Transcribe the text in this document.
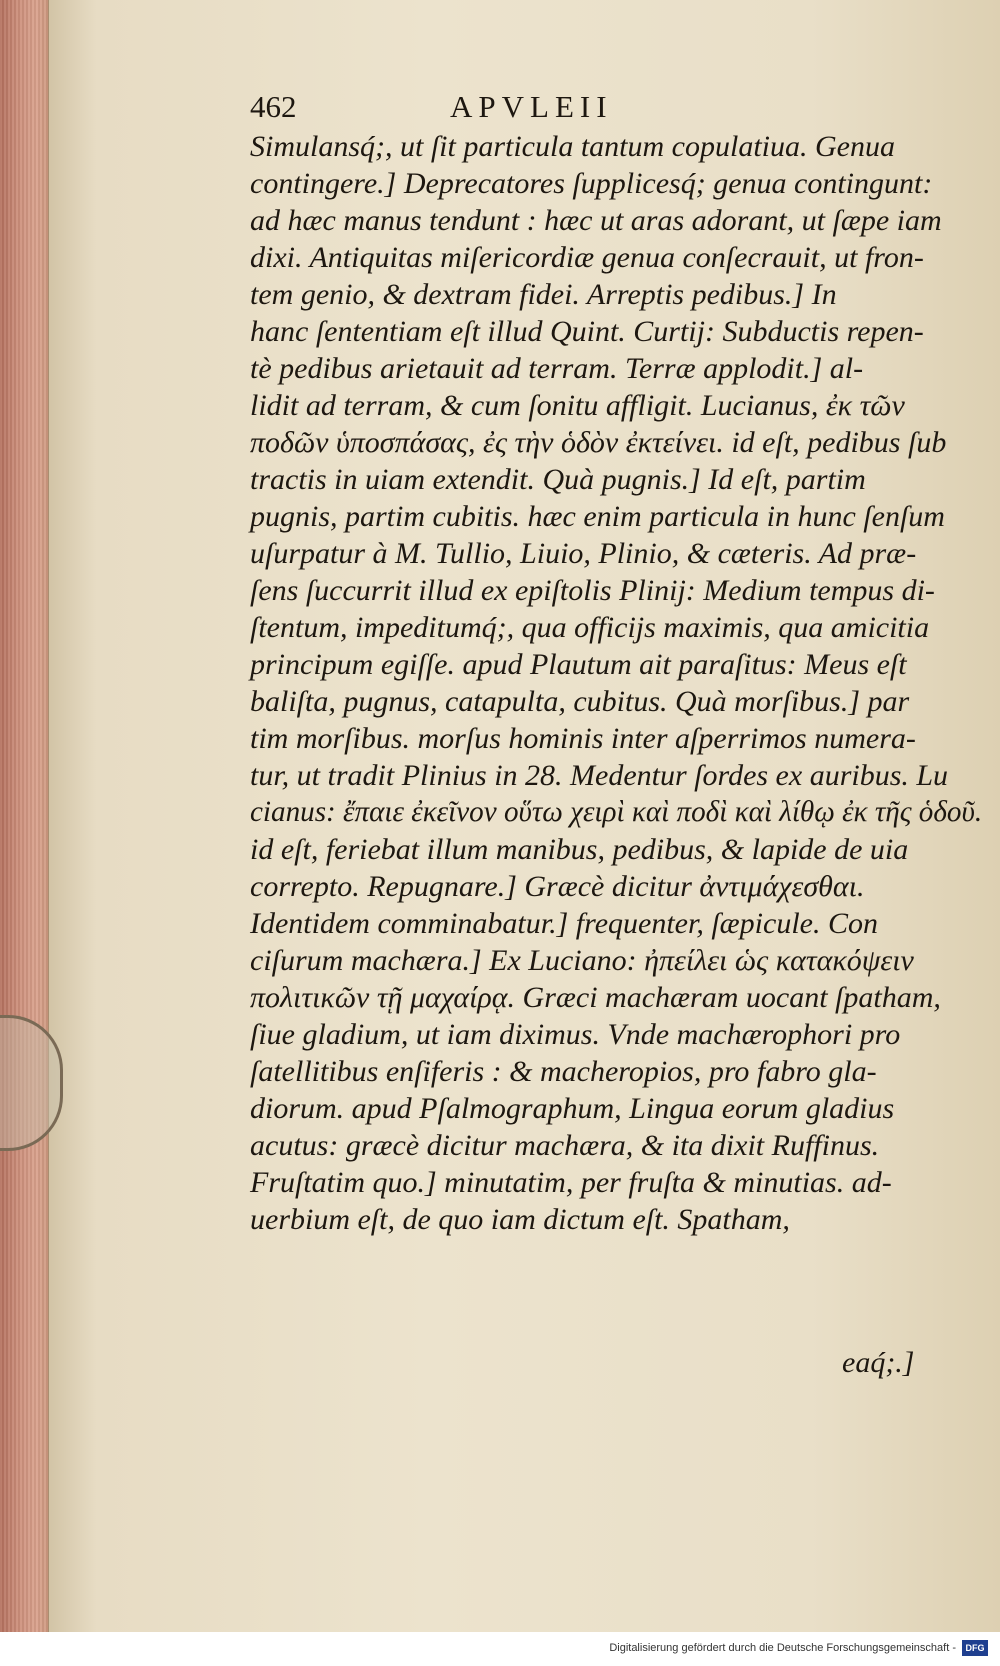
462	APVLEII
Simulansq́;, ut ſit particula tantum copulatiua. Genua
contingere.] Deprecatores ſupplicesq́; genua contingunt:
ad hæc manus tendunt : hæc ut aras adorant, ut ſæpe iam
dixi. Antiquitas miſericordiæ genua conſecrauit, ut fron-
tem genio, & dextram fidei. Arreptis pedibus.] In
hanc ſententiam eſt illud Quint. Curtij: Subductis repen-
tè pedibus arietauit ad terram. Terræ applodit.] al-
lidit ad terram, & cum ſonitu affligit. Lucianus, ἐκ τῶν
ποδῶν ὑποσπάσας, ἐς τὴν ὁδὸν ἐκτείνει. id eſt, pedibus ſub
tractis in uiam extendit. Quà pugnis.] Id eſt, partim
pugnis, partim cubitis. hæc enim particula in hunc ſenſum
uſurpatur à M. Tullio, Liuio, Plinio, & cæteris. Ad præ-
ſens ſuccurrit illud ex epiſtolis Plinij: Medium tempus di-
ſtentum, impeditumq́;, qua officijs maximis, qua amicitia
principum egiſſe. apud Plautum ait paraſitus: Meus eſt
baliſta, pugnus, catapulta, cubitus. Quà morſibus.] par
tim morſibus. morſus hominis inter aſperrimos numera-
tur, ut tradit Plinius in 28. Medentur ſordes ex auribus. Lu
cianus: ἔπαιε ἐκεῖνον οὕτω χειρὶ καὶ ποδὶ καὶ λίθῳ ἐκ τῆς ὁδοῦ.
id eſt, feriebat illum manibus, pedibus, & lapide de uia
correpto. Repugnare.] Græcè dicitur ἀντιμάχεσθαι.
Identidem comminabatur.] frequenter, ſæpicule. Con
ciſurum machæra.] Ex Luciano: ἠπείλει ὡς κατακόψειν
πολιτικῶν τῇ μαχαίρᾳ. Græci machæram uocant ſpatham,
ſiue gladium, ut iam diximus. Vnde machærophori pro
ſatellitibus enſiferis : & macheropios, pro fabro gla-
diorum. apud Pſalmographum, Lingua eorum gladius
acutus: græcè dicitur machæra, & ita dixit Ruffinus.
Fruſtatim quo.] minutatim, per fruſta & minutias. ad-
uerbium eſt, de quo iam dictum eſt. Spatham,
eaq́;.]
Digitalisierung gefördert durch die Deutsche Forschungsgemeinschaft -	DFG
